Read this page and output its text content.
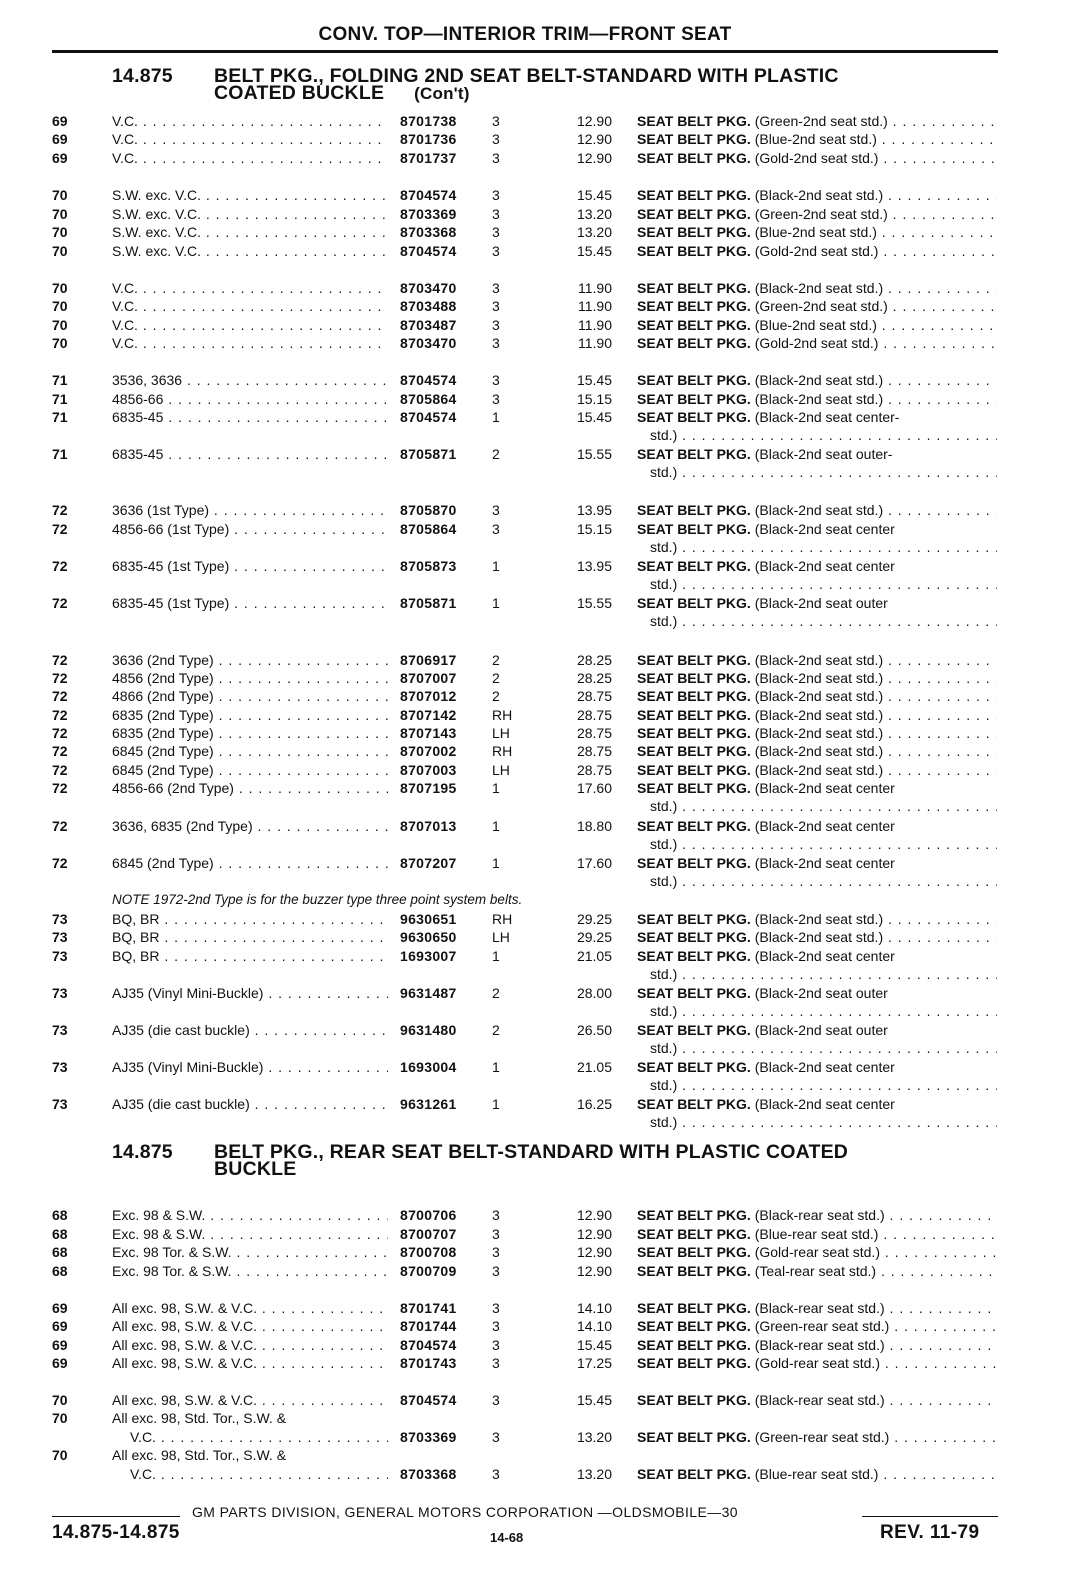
CONV. TOP—INTERIOR TRIM—FRONT SEAT
14.875 BELT PKG., FOLDING 2ND SEAT BELT-STANDARD WITH PLASTIC
COATED BUCKLE (Con't)
14.875 BELT PKG., REAR SEAT BELT-STANDARD WITH PLASTIC COATED
BUCKLE
69	V.C. . . .	8701738	3	12.90 SEAT BELT PKG. (Green-2nd seat std.) . . .
69	V.C. . . .	8701736	3	12.90 SEAT BELT PKG. (Blue-2nd seat std.) . . .
69	V.C. . . .	8701737	3	12.90 SEAT BELT PKG. (Gold-2nd seat std.) . . .
70	S.W. exc. V.C. . . .	8704574	3	15.45 SEAT BELT PKG. (Black-2nd seat std.) . . .
70	S.W. exc. V.C. . . .	8703369	3	13.20 SEAT BELT PKG. (Green-2nd seat std.) . . .
70	S.W. exc. V.C. . . .	8703368	3	13.20 SEAT BELT PKG. (Blue-2nd seat std.) . . .
70	S.W. exc. V.C. . . .	8704574	3	15.45 SEAT BELT PKG. (Gold-2nd seat std.) . . .
70	V.C. . . .	8703470	3	11.90 SEAT BELT PKG. (Black-2nd seat std.) . . .
70	V.C. . . .	8703488	3	11.90 SEAT BELT PKG. (Green-2nd seat std.) . . .
70	V.C. . . .	8703487	3	11.90 SEAT BELT PKG. (Blue-2nd seat std.) . . .
70	V.C. . . .	8703470	3	11.90 SEAT BELT PKG. (Gold-2nd seat std.) . . .
71	3536, 3636 . . .	8704574	3	15.45 SEAT BELT PKG. (Black-2nd seat std.) . . .
71	4856-66 . . .	8705864	3	15.15 SEAT BELT PKG. (Black-2nd seat std.) . . .
71	6835-45 . . .	8704574	1	15.45 SEAT BELT PKG. (Black-2nd seat center-
std.) . . .
71	6835-45 . . .	8705871	2	15.55 SEAT BELT PKG. (Black-2nd seat outer-
std.) . . .
72	3636 (1st Type) . . .	8705870	3	13.95 SEAT BELT PKG. (Black-2nd seat std.) . . .
72	4856-66 (1st Type) . . .	8705864	3	15.15 SEAT BELT PKG. (Black-2nd seat center
std.) . . .
72	6835-45 (1st Type) . . .	8705873	1	13.95 SEAT BELT PKG. (Black-2nd seat center
std.) . . .
72	6835-45 (1st Type) . . .	8705871	1	15.55 SEAT BELT PKG. (Black-2nd seat outer
std.) . . .
72	3636 (2nd Type) . . .	8706917	2	28.25 SEAT BELT PKG. (Black-2nd seat std.) . . .
72	4856 (2nd Type) . . .	8707007	2	28.25 SEAT BELT PKG. (Black-2nd seat std.) . . .
72	4866 (2nd Type) . . .	8707012	2	28.75 SEAT BELT PKG. (Black-2nd seat std.) . . .
72	6835 (2nd Type) . . .	8707142	RH	28.75 SEAT BELT PKG. (Black-2nd seat std.) . . .
72	6835 (2nd Type) . . .	8707143	LH	28.75 SEAT BELT PKG. (Black-2nd seat std.) . . .
72	6845 (2nd Type) . . .	8707002	RH	28.75 SEAT BELT PKG. (Black-2nd seat std.) . . .
72	6845 (2nd Type) . . .	8707003	LH	28.75 SEAT BELT PKG. (Black-2nd seat std.) . . .
72	4856-66 (2nd Type) . . .	8707195	1	17.60 SEAT BELT PKG. (Black-2nd seat center
std.) . . .
72	3636, 6835 (2nd Type) . . .	8707013	1	18.80 SEAT BELT PKG. (Black-2nd seat center
std.) . . .
72	6845 (2nd Type) . . .	8707207	1	17.60 SEAT BELT PKG. (Black-2nd seat center
std.) . . .
73	BQ, BR . . .	9630651	RH	29.25 SEAT BELT PKG. (Black-2nd seat std.) . . .
73	BQ, BR . . .	9630650	LH	29.25 SEAT BELT PKG. (Black-2nd seat std.) . . .
73	BQ, BR . . .	1693007	1	21.05 SEAT BELT PKG. (Black-2nd seat center
std.) . . .
73	AJ35 (Vinyl Mini-Buckle) . . .	9631487	2	28.00 SEAT BELT PKG. (Black-2nd seat outer
std.) . . .
73	AJ35 (die cast buckle) . . .	9631480	2	26.50 SEAT BELT PKG. (Black-2nd seat outer
std.) . . .
73	AJ35 (Vinyl Mini-Buckle) . . .	1693004	1	21.05 SEAT BELT PKG. (Black-2nd seat center
std.) . . .
73	AJ35 (die cast buckle) . . .	9631261	1	16.25 SEAT BELT PKG. (Black-2nd seat center
std.) . . .
68	Exc. 98 & S.W. . . .	8700706	3	12.90 SEAT BELT PKG. (Black-rear seat std.) . . .
68	Exc. 98 & S.W. . . .	8700707	3	12.90 SEAT BELT PKG. (Blue-rear seat std.) . . .
68	Exc. 98 Tor. & S.W. . . .	8700708	3	12.90 SEAT BELT PKG. (Gold-rear seat std.) . . .
68	Exc. 98 Tor. & S.W. . . .	8700709	3	12.90 SEAT BELT PKG. (Teal-rear seat std.) . . .
69	All exc. 98, S.W. & V.C. . . .	8701741	3	14.10 SEAT BELT PKG. (Black-rear seat std.) . . .
69	All exc. 98, S.W. & V.C. . . .	8701744	3	14.10 SEAT BELT PKG. (Green-rear seat std.) . . .
69	All exc. 98, S.W. & V.C. . . .	8704574	3	15.45 SEAT BELT PKG. (Black-rear seat std.) . . .
69	All exc. 98, S.W. & V.C. . . .	8701743	3	17.25 SEAT BELT PKG. (Gold-rear seat std.) . . .
70	All exc. 98, S.W. & V.C. . . .	8704574	3	15.45 SEAT BELT PKG. (Black-rear seat std.) . . .
70	All exc. 98, Std. Tor., S.W. &
V.C. . . .	8703369	3	13.20 SEAT BELT PKG. (Green-rear seat std.) . . .
70	All exc. 98, Std. Tor., S.W. &
V.C. . . .	8703368	3	13.20 SEAT BELT PKG. (Blue-rear seat std.) . . .
NOTE 1972-2nd Type is for the buzzer type three point system belts.
GM PARTS DIVISION, GENERAL MOTORS CORPORATION —OLDSMOBILE—30
14.875-14.875	14-68	REV. 11-79
